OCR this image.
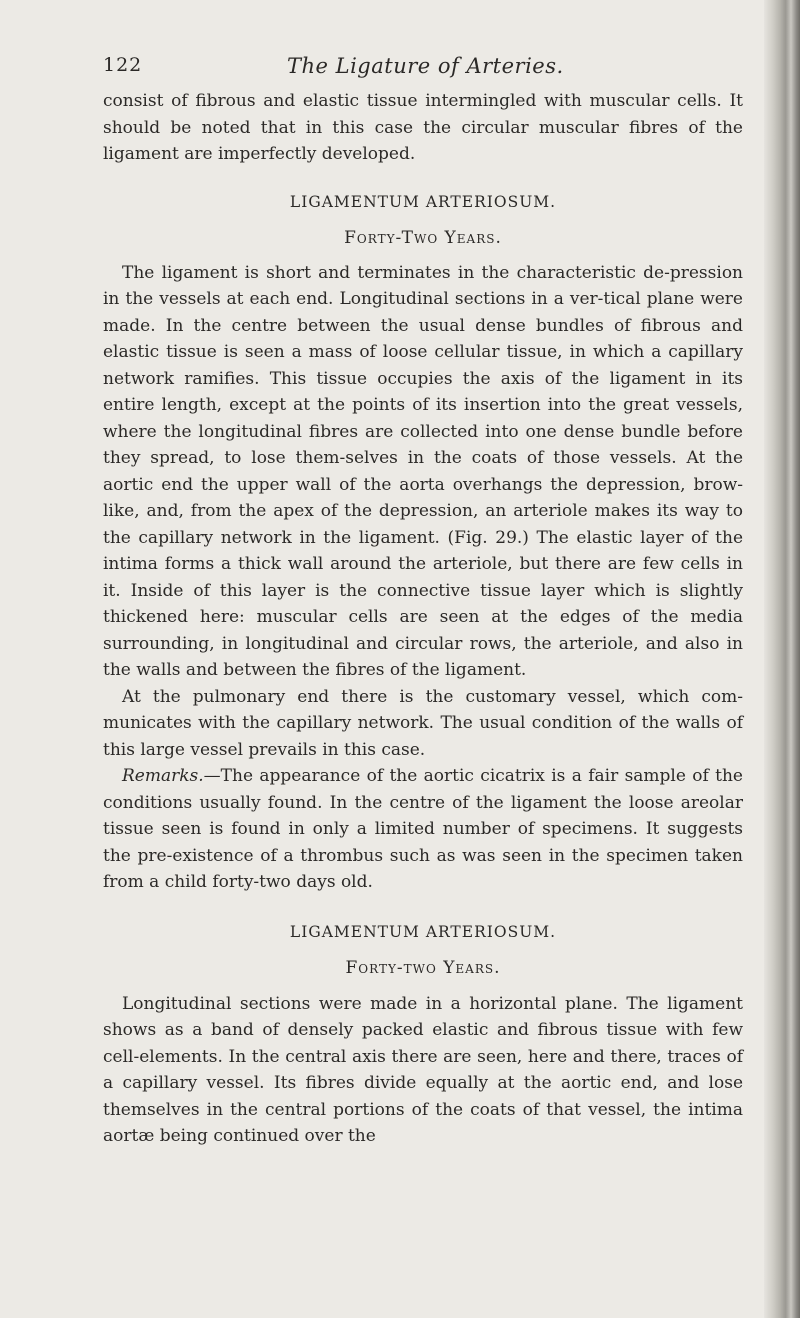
122	The Ligature of Arteries.

consist of fibrous and elastic tissue intermingled with muscular cells. It should be noted that in this case the circular muscular fibres of the ligament are imperfectly developed.

LIGAMENTUM ARTERIOSUM.
Forty-Two Years.

The ligament is short and terminates in the characteristic de-pression in the vessels at each end. Longitudinal sections in a ver-tical plane were made. In the centre between the usual dense bundles of fibrous and elastic tissue is seen a mass of loose cellular tissue, in which a capillary network ramifies. This tissue occupies the axis of the ligament in its entire length, except at the points of its insertion into the great vessels, where the longitudinal fibres are collected into one dense bundle before they spread, to lose them-selves in the coats of those vessels. At the aortic end the upper wall of the aorta overhangs the depression, brow-like, and, from the apex of the depression, an arteriole makes its way to the capillary network in the ligament. (Fig. 29.) The elastic layer of the intima forms a thick wall around the arteriole, but there are few cells in it. Inside of this layer is the connective tissue layer which is slightly thickened here: muscular cells are seen at the edges of the media surrounding, in longitudinal and circular rows, the arteriole, and also in the walls and between the fibres of the ligament.

At the pulmonary end there is the customary vessel, which com-municates with the capillary network. The usual condition of the walls of this large vessel prevails in this case.

Remarks.—The appearance of the aortic cicatrix is a fair sample of the conditions usually found. In the centre of the ligament the loose areolar tissue seen is found in only a limited number of specimens. It suggests the pre-existence of a thrombus such as was seen in the specimen taken from a child forty-two days old.

LIGAMENTUM ARTERIOSUM.
Forty-two Years.

Longitudinal sections were made in a horizontal plane. The ligament shows as a band of densely packed elastic and fibrous tissue with few cell-elements. In the central axis there are seen, here and there, traces of a capillary vessel. Its fibres divide equally at the aortic end, and lose themselves in the central portions of the coats of that vessel, the intima aortæ being continued over the
